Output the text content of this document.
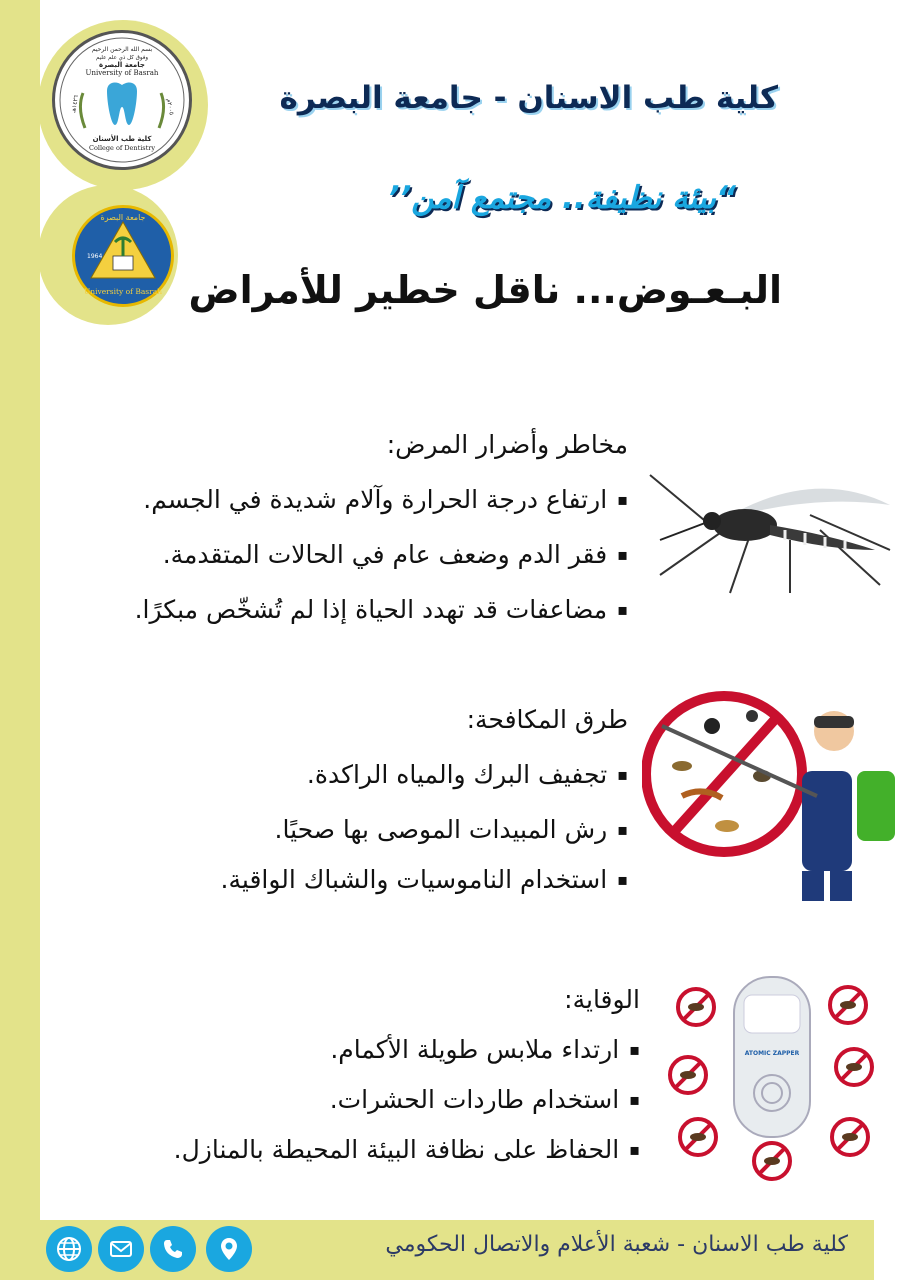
بسم الله الرحمن الرحيم
وفوق كل ذي علم عليم
جامعة البصرة
University of Basrah
١٤٢٦هـ	٢٠٠٥م
كلية طب الأسنان
College of Dentistry
جامعة البصرة
1964
University of Basrah
كلية طب الاسنان - جامعة البصرة
“بيئة نظيفة.. مجتمع آمن’’
البـعـوض... ناقل خطير للأمراض
مخاطر وأضرار المرض:
▪ ارتفاع درجة الحرارة وآلام شديدة في الجسم.
▪ فقر الدم وضعف عام في الحالات المتقدمة.
▪ مضاعفات قد تهدد الحياة إذا لم تُشخّص مبكرًا.
طرق المكافحة:
▪ تجفيف البرك والمياه الراكدة.
▪ رش المبيدات الموصى بها صحيًا.
▪ استخدام الناموسيات والشباك الواقية.
الوقاية:
▪ ارتداء ملابس طويلة الأكمام.
▪ استخدام طاردات الحشرات.
▪ الحفاظ على نظافة البيئة المحيطة بالمنازل.
ATOMIC ZAPPER
كلية طب الاسنان - شعبة الأعلام والاتصال الحكومي
